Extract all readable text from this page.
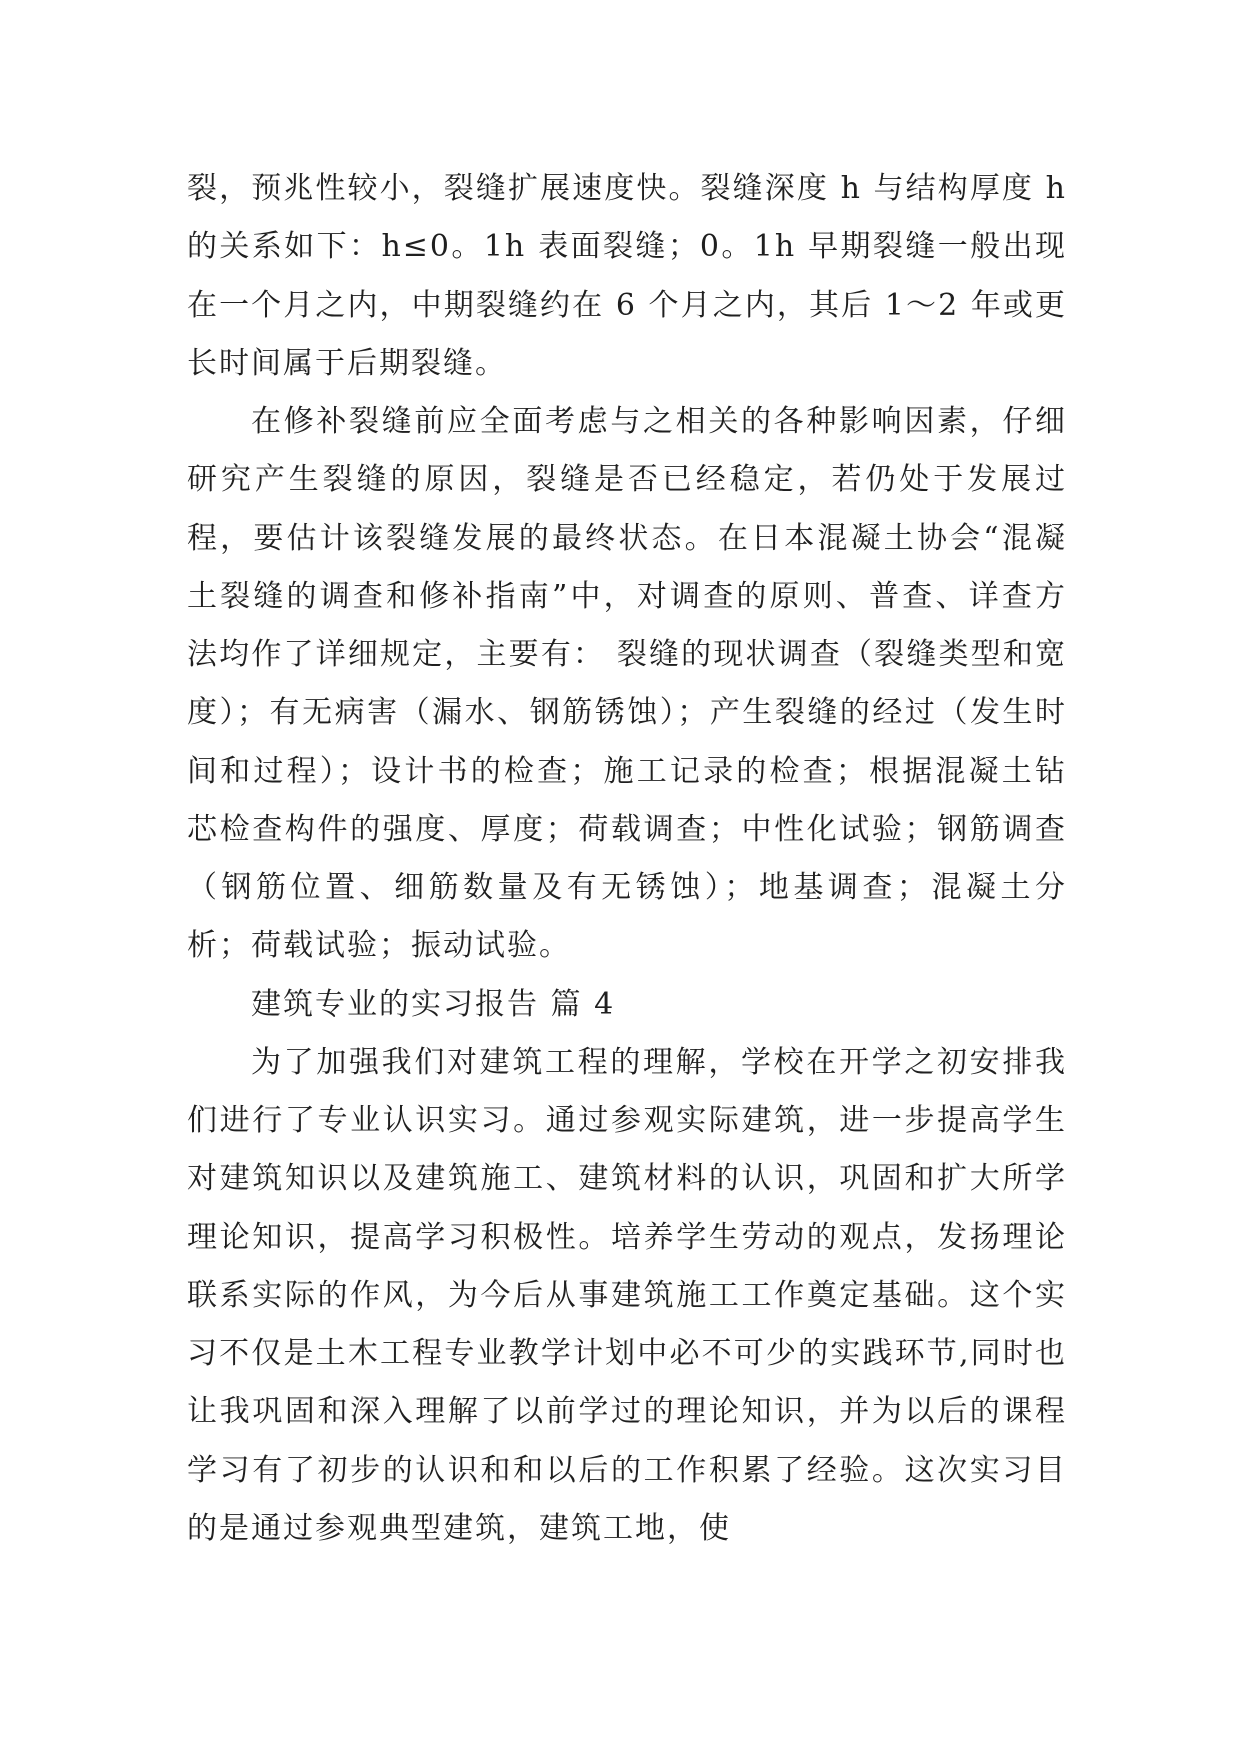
裂，预兆性较小，裂缝扩展速度快。裂缝深度 h 与结构厚度 h 的关系如下：h≤0。1h 表面裂缝；0。1h 早期裂缝一般出现在一个月之内，中期裂缝约在 6 个月之内，其后 1～2 年或更长时间属于后期裂缝。

在修补裂缝前应全面考虑与之相关的各种影响因素，仔细研究产生裂缝的原因，裂缝是否已经稳定，若仍处于发展过程，要估计该裂缝发展的最终状态。在日本混凝土协会“混凝土裂缝的调查和修补指南”中，对调查的原则、普查、详查方法均作了详细规定，主要有： 裂缝的现状调查（裂缝类型和宽度）；有无病害（漏水、钢筋锈蚀）；产生裂缝的经过（发生时间和过程）；设计书的检查；施工记录的检查；根据混凝土钻芯检查构件的强度、厚度；荷载调查；中性化试验；钢筋调查（钢筋位置、细筋数量及有无锈蚀）；地基调查；混凝土分析；荷载试验；振动试验。

建筑专业的实习报告 篇 4

为了加强我们对建筑工程的理解，学校在开学之初安排我们进行了专业认识实习。通过参观实际建筑，进一步提高学生对建筑知识以及建筑施工、建筑材料的认识，巩固和扩大所学理论知识，提高学习积极性。培养学生劳动的观点，发扬理论联系实际的作风，为今后从事建筑施工工作奠定基础。这个实习不仅是土木工程专业教学计划中必不可少的实践环节,同时也让我巩固和深入理解了以前学过的理论知识，并为以后的课程学习有了初步的认识和和以后的工作积累了经验。这次实习目的是通过参观典型建筑，建筑工地，使
